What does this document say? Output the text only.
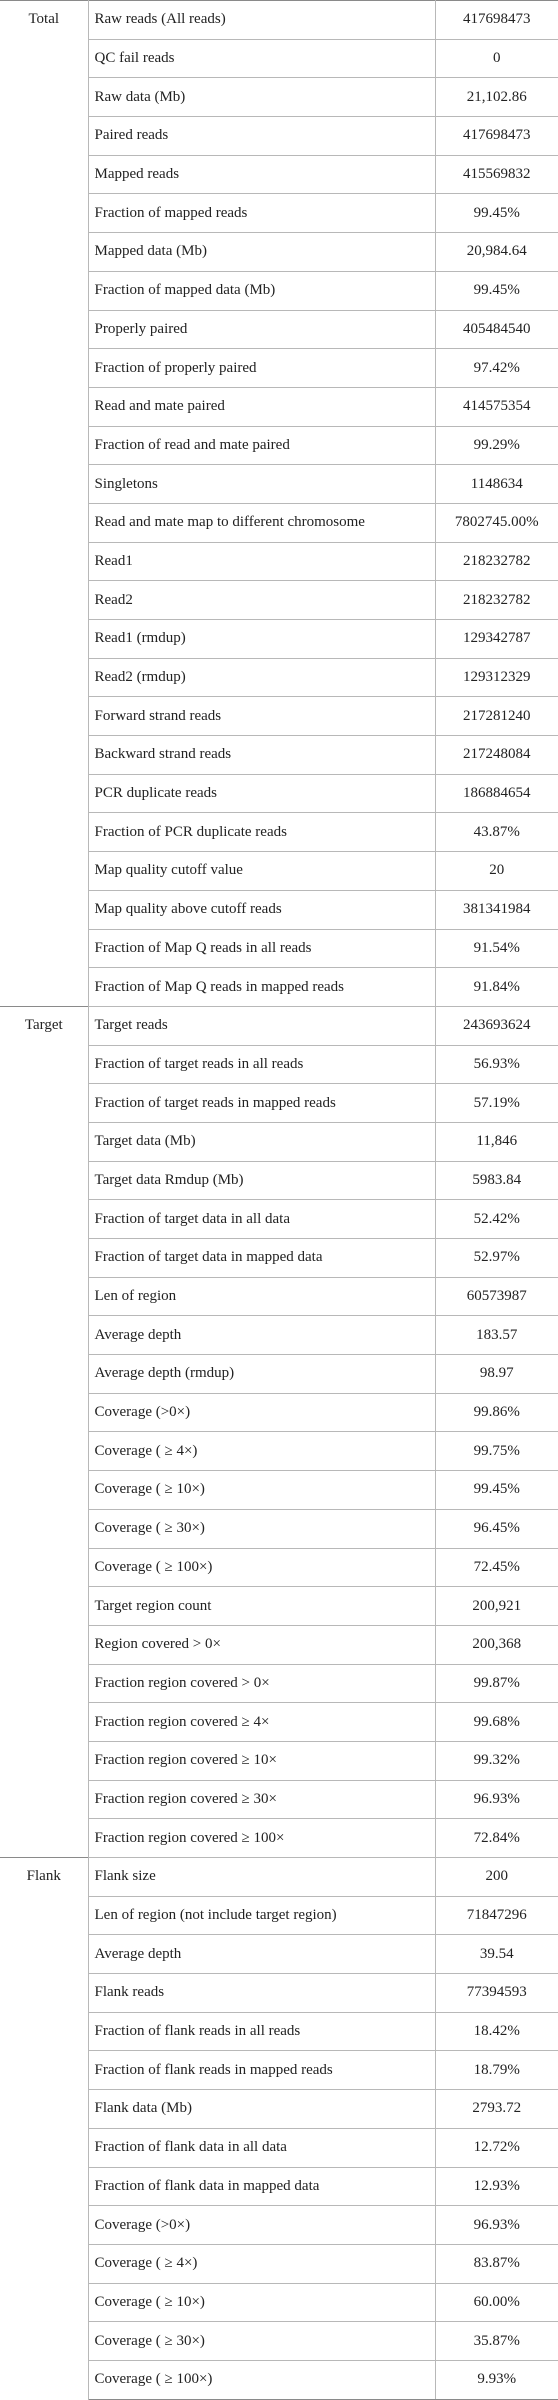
Total	Raw reads (All reads)	417698473
	QC fail reads	0
	Raw data (Mb)	21,102.86
	Paired reads	417698473
	Mapped reads	415569832
	Fraction of mapped reads	99.45%
	Mapped data (Mb)	20,984.64
	Fraction of mapped data (Mb)	99.45%
	Properly paired	405484540
	Fraction of properly paired	97.42%
	Read and mate paired	414575354
	Fraction of read and mate paired	99.29%
	Singletons	1148634
	Read and mate map to different chromosome	7802745.00%
	Read1	218232782
	Read2	218232782
	Read1 (rmdup)	129342787
	Read2 (rmdup)	129312329
	Forward strand reads	217281240
	Backward strand reads	217248084
	PCR duplicate reads	186884654
	Fraction of PCR duplicate reads	43.87%
	Map quality cutoff value	20
	Map quality above cutoff reads	381341984
	Fraction of Map Q reads in all reads	91.54%
	Fraction of Map Q reads in mapped reads	91.84%
Target	Target reads	243693624
	Fraction of target reads in all reads	56.93%
	Fraction of target reads in mapped reads	57.19%
	Target data (Mb)	11,846
	Target data Rmdup (Mb)	5983.84
	Fraction of target data in all data	52.42%
	Fraction of target data in mapped data	52.97%
	Len of region	60573987
	Average depth	183.57
	Average depth (rmdup)	98.97
	Coverage (>0×)	99.86%
	Coverage ( ≥ 4×)	99.75%
	Coverage ( ≥ 10×)	99.45%
	Coverage ( ≥ 30×)	96.45%
	Coverage ( ≥ 100×)	72.45%
	Target region count	200,921
	Region covered > 0×	200,368
	Fraction region covered > 0×	99.87%
	Fraction region covered ≥ 4×	99.68%
	Fraction region covered ≥ 10×	99.32%
	Fraction region covered ≥ 30×	96.93%
	Fraction region covered ≥ 100×	72.84%
Flank	Flank size	200
	Len of region (not include target region)	71847296
	Average depth	39.54
	Flank reads	77394593
	Fraction of flank reads in all reads	18.42%
	Fraction of flank reads in mapped reads	18.79%
	Flank data (Mb)	2793.72
	Fraction of flank data in all data	12.72%
	Fraction of flank data in mapped data	12.93%
	Coverage (>0×)	96.93%
	Coverage ( ≥ 4×)	83.87%
	Coverage ( ≥ 10×)	60.00%
	Coverage ( ≥ 30×)	35.87%
	Coverage ( ≥ 100×)	9.93%
